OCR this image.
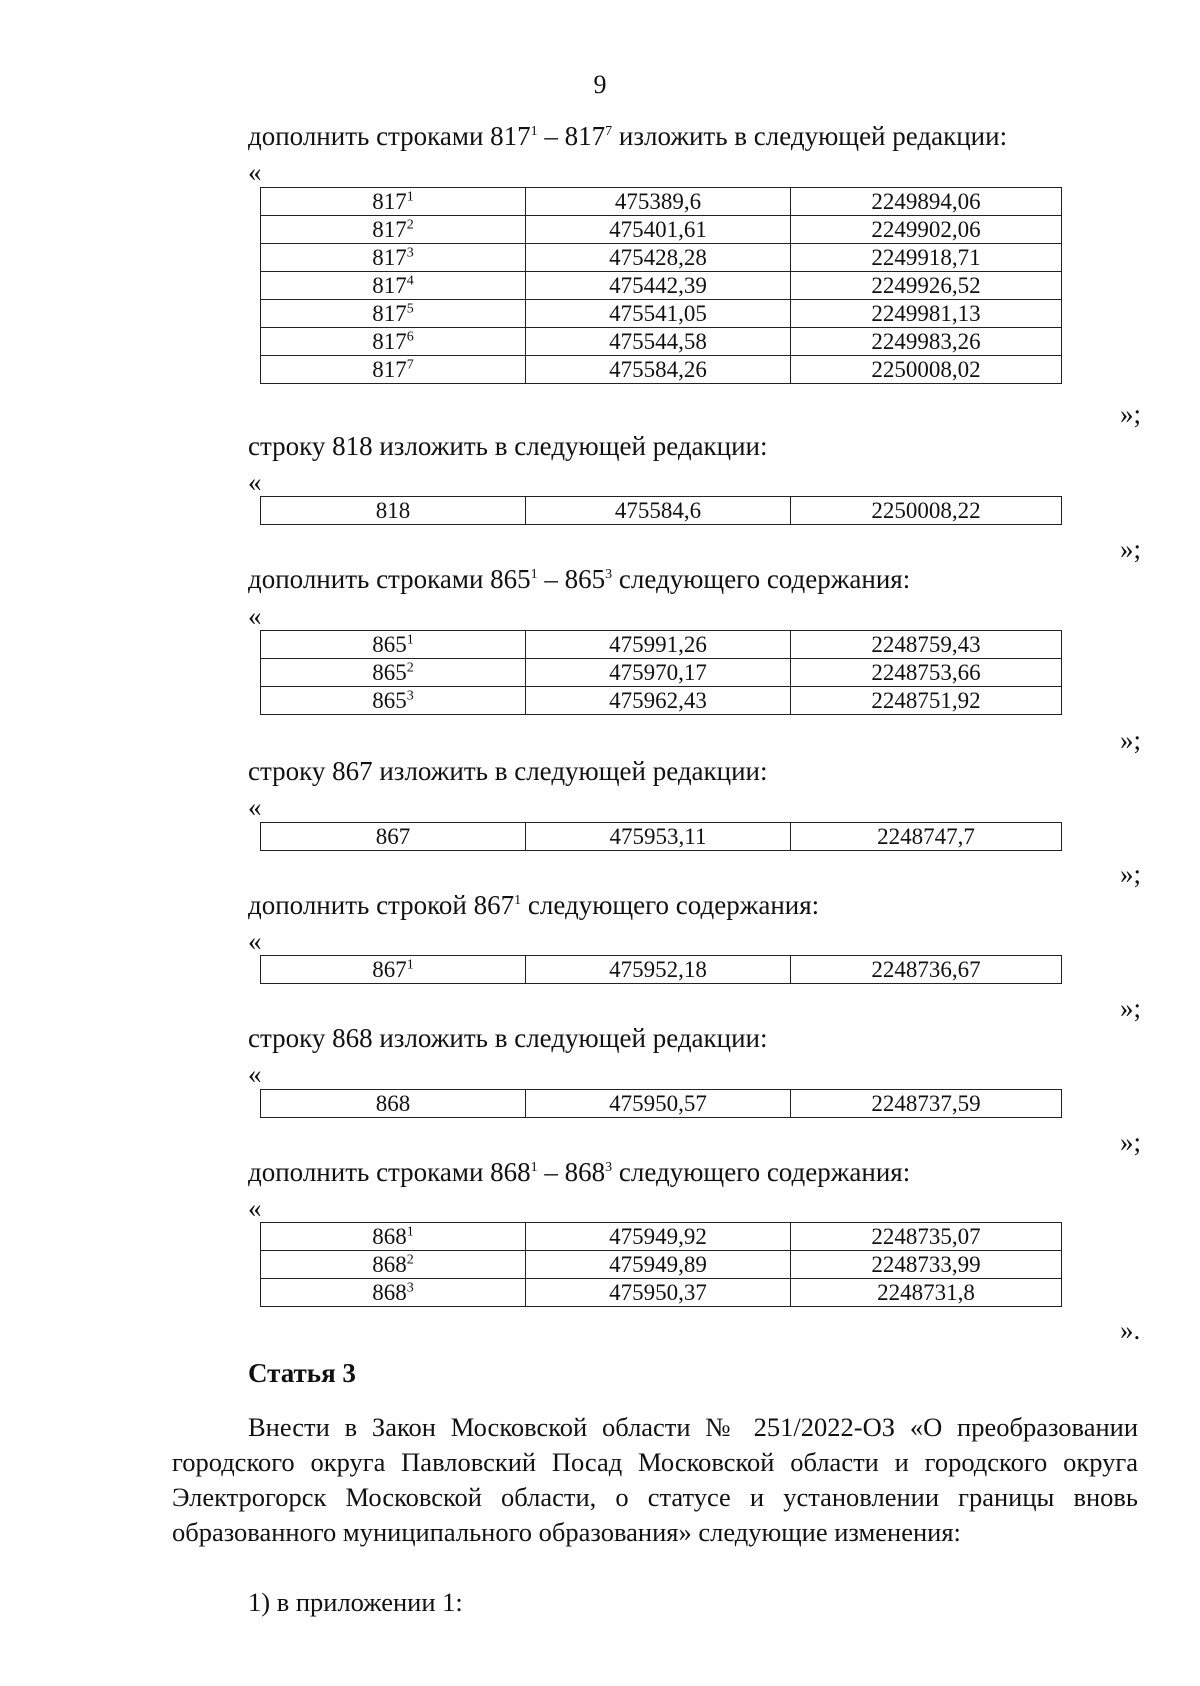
9
дополнить строками $817^1 - 817^7$ изложить в следующей редакции:
«
$817^1$	475389,6	2249894,06
$817^2$	475401,61	2249902,06
$817^3$	475428,28	2249918,71
$817^4$	475442,39	2249926,52
$817^5$	475541,05	2249981,13
$817^6$	475544,58	2249983,26
$817^7$	475584,26	2250008,02
»;
строку 818 изложить в следующей редакции:
«
818	475584,6	2250008,22
»;
дополнить строками $865^1 - 865^3$ следующего содержания:
«
$865^1$	475991,26	2248759,43
$865^2$	475970,17	2248753,66
$865^3$	475962,43	2248751,92
»;
строку 867 изложить в следующей редакции:
«
867	475953,11	2248747,7
»;
дополнить строкой $867^1$ следующего содержания:
«
$867^1$	475952,18	2248736,67
»;
строку 868 изложить в следующей редакции:
«
868	475950,57	2248737,59
»;
дополнить строками $868^1 - 868^3$ следующего содержания:
«
$868^1$	475949,92	2248735,07
$868^2$	475949,89	2248733,99
$868^3$	475950,37	2248731,8
».
Статья 3

Внести в Закон Московской области № 251/2022-ОЗ «О преобразовании городского округа Павловский Посад Московской области и городского округа Электрогорск Московской области, о статусе и установлении границы вновь образованного муниципального образования» следующие изменения:

1) в приложении 1:
